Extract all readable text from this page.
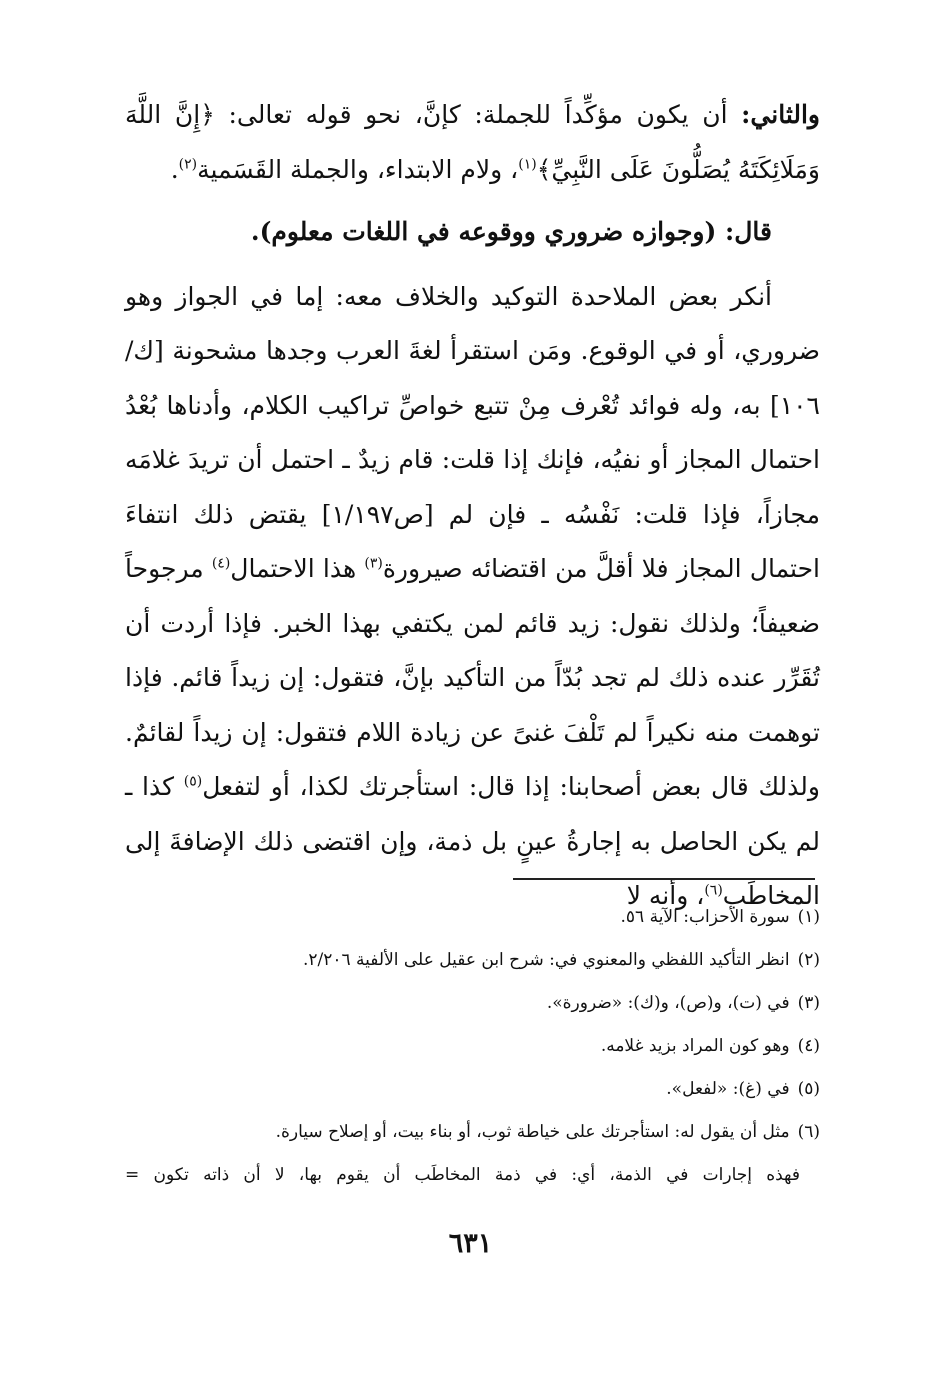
والثاني: أن يكون مؤكِّداً للجملة: كإنَّ، نحو قوله تعالى: ﴿إِنَّ اللَّهَ وَمَلَائِكَتَهُ يُصَلُّونَ عَلَى النَّبِيِّ﴾$^{(١)}$، ولام الابتداء، والجملة القَسَمية$^{(٢)}$.

قال: (وجوازه ضروري ووقوعه في اللغات معلوم).

أنكر بعض الملاحدة التوكيد والخلاف معه: إما في الجواز وهو ضروري، أو في الوقوع. ومَن استقرأ لغةَ العرب وجدها مشحونة [ك/١٠٦] به، وله فوائد تُعْرف مِنْ تتبع خواصِّ تراكيب الكلام، وأدناها بُعْدُ احتمال المجاز أو نفيُه، فإنك إذا قلت: قام زيدٌ ـ احتمل أن تريدَ غلامَه مجازاً، فإذا قلت: نَفْسُه ـ فإن لم [ص١/١٩٧] يقتض ذلك انتفاءَ احتمال المجاز فلا أقلَّ من اقتضائه صيرورة$^{(٣)}$ هذا الاحتمال$^{(٤)}$ مرجوحاً ضعيفاً؛ ولذلك نقول: زيد قائم لمن يكتفي بهذا الخبر. فإذا أردت أن تُقَرِّر عنده ذلك لم تجد بُدّاً من التأكيد بإنَّ، فتقول: إن زيداً قائم. فإذا توهمت منه نكيراً لم تَلْفَ غنىً عن زيادة اللام فتقول: إن زيداً لقائمٌ. ولذلك قال بعض أصحابنا: إذا قال: استأجرتك لكذا، أو لتفعل$^{(٥)}$ كذا ـ لم يكن الحاصل به إجارةُ عينٍ بل ذمة، وإن اقتضى ذلك الإضافةَ إلى المخاطَب$^{(٦)}$، وأنه لا

(١)سورة الأحزاب: الآية ٥٦.

(٢)انظر التأكيد اللفظي والمعنوي في: شرح ابن عقيل على الألفية ٢/٢٠٦.

(٣)في (ت)، و(ص)، و(ك): «ضرورة».

(٤)وهو كون المراد بزيد غلامه.

(٥)في (غ): «لفعل».

(٦)مثل أن يقول له: استأجرتك على خياطة ثوب، أو بناء بيت، أو إصلاح سيارة.

فهذه إجارات في الذمة، أي: في ذمة المخاطَب أن يقوم بها، لا أن ذاته تكون =

٦٣١
